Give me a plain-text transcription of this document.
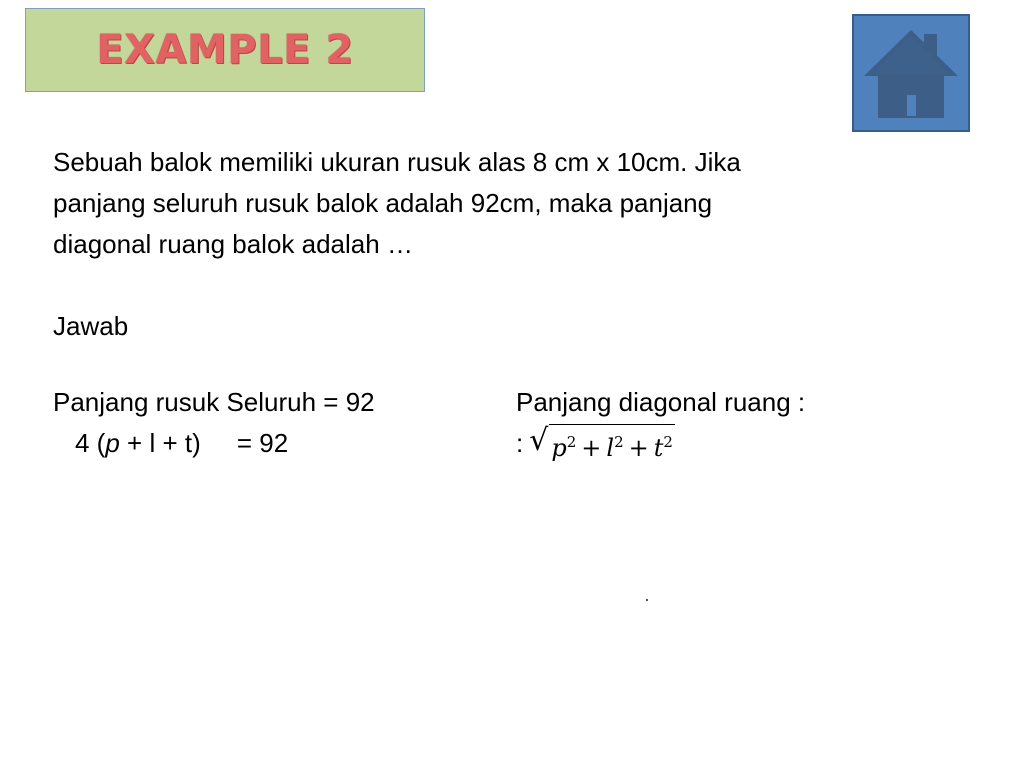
EXAMPLE 2
Sebuah balok memiliki ukuran rusuk alas 8 cm x 10cm. Jika
panjang seluruh rusuk balok adalah 92cm, maka panjang
diagonal ruang balok adalah …
Jawab
Panjang rusuk Seluruh = 92
4 (p + l + t)     = 92
Panjang diagonal ruang :
: √ $p^2 + l^2 + t^2$
